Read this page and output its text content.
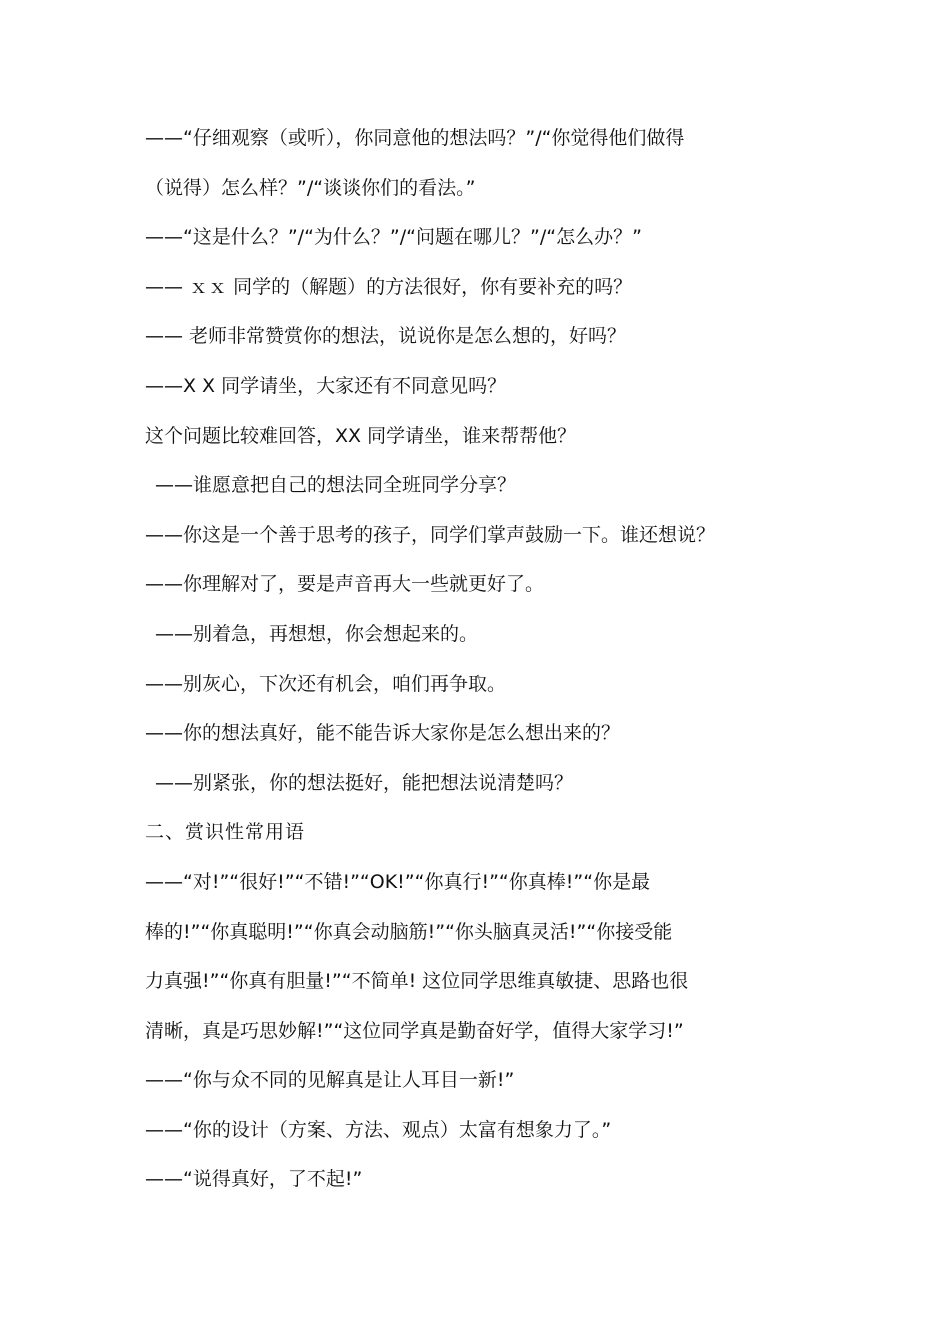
——“仔细观察（或听），你同意他的想法吗？”/“你觉得他们做得
（说得）怎么样？”/“谈谈你们的看法。”
——“这是什么？”/“为什么？”/“问题在哪儿？”/“怎么办？”
—— ｘｘ 同学的（解题）的方法很好，你有要补充的吗？
—— 老师非常赞赏你的想法，说说你是怎么想的，好吗？
——X X 同学请坐，大家还有不同意见吗？
这个问题比较难回答，XX 同学请坐，谁来帮帮他？
——谁愿意把自己的想法同全班同学分享？
——你这是一个善于思考的孩子，同学们掌声鼓励一下。谁还想说？
——你理解对了，要是声音再大一些就更好了。
——别着急，再想想，你会想起来的。
——别灰心，下次还有机会，咱们再争取。
——你的想法真好，能不能告诉大家你是怎么想出来的？
——别紧张，你的想法挺好，能把想法说清楚吗？
二、赏识性常用语
——“对!”“很好!”“不错!”“OK!”“你真行!”“你真棒!”“你是最
棒的!”“你真聪明!”“你真会动脑筋!”“你头脑真灵活!”“你接受能
力真强!”“你真有胆量!”“不简单! 这位同学思维真敏捷、思路也很
清晰，真是巧思妙解!”“这位同学真是勤奋好学，值得大家学习!”
——“你与众不同的见解真是让人耳目一新!”
——“你的设计（方案、方法、观点）太富有想象力了。”
——“说得真好，了不起!”
